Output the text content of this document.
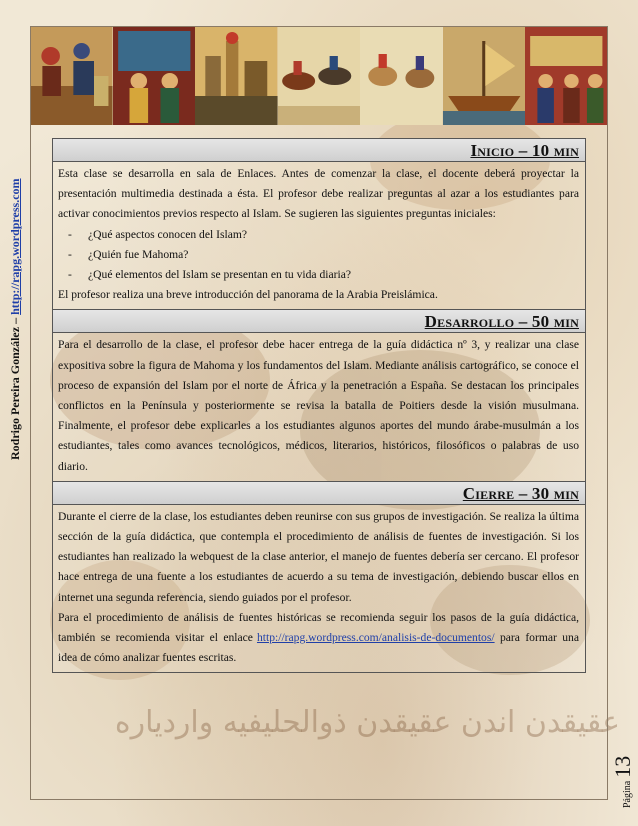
عقيقدن اندن عقيقدن ذوالحليفيه واردياره
Rodrigo Pereira González – http://rapg.wordpress.com
Página
13
Inicio – 10 min

Esta clase se desarrolla en sala de Enlaces. Antes de comenzar la clase, el docente deberá proyectar la presentación multimedia destinada a ésta. El profesor debe realizar preguntas al azar a los estudiantes para activar conocimientos previos respecto al Islam. Se sugieren las siguientes preguntas iniciales:

-	¿Qué aspectos conocen del Islam?
-	¿Quién fue Mahoma?
-	¿Qué elementos del Islam se presentan en tu vida diaria?

El profesor realiza una breve introducción del panorama de la Arabia Preislámica.

Desarrollo – 50 min

Para el desarrollo de la clase, el profesor debe hacer entrega de la guía didáctica nº 3, y realizar una clase expositiva sobre la figura de Mahoma y los fundamentos del Islam. Mediante análisis cartográfico, se conoce el proceso de expansión del Islam por el norte de África y la penetración a España. Se destacan los principales conflictos en la Península y posteriormente se revisa la batalla de Poitiers desde la visión musulmana. Finalmente, el profesor debe explicarles a los estudiantes algunos aportes del mundo árabe-musulmán a los estudiantes, tales como avances tecnológicos, médicos, literarios, históricos, filosóficos o palabras de uso diario.

Cierre – 30 min

Durante el cierre de la clase, los estudiantes deben reunirse con sus grupos de investigación. Se realiza la última sección de la guía didáctica, que contempla el procedimiento de análisis de fuentes de investigación. Si los estudiantes han realizado la webquest de la clase anterior, el manejo de fuentes debería ser cercano. El profesor hace entrega de una fuente a los estudiantes de acuerdo a su tema de investigación, debiendo buscar ellos en internet una segunda referencia, siendo guiados por el profesor.

Para el procedimiento de análisis de fuentes históricas se recomienda seguir los pasos de la guía didáctica, también se recomienda visitar el enlace http://rapg.wordpress.com/analisis-de-documentos/ para formar una idea de cómo analizar fuentes escritas.
